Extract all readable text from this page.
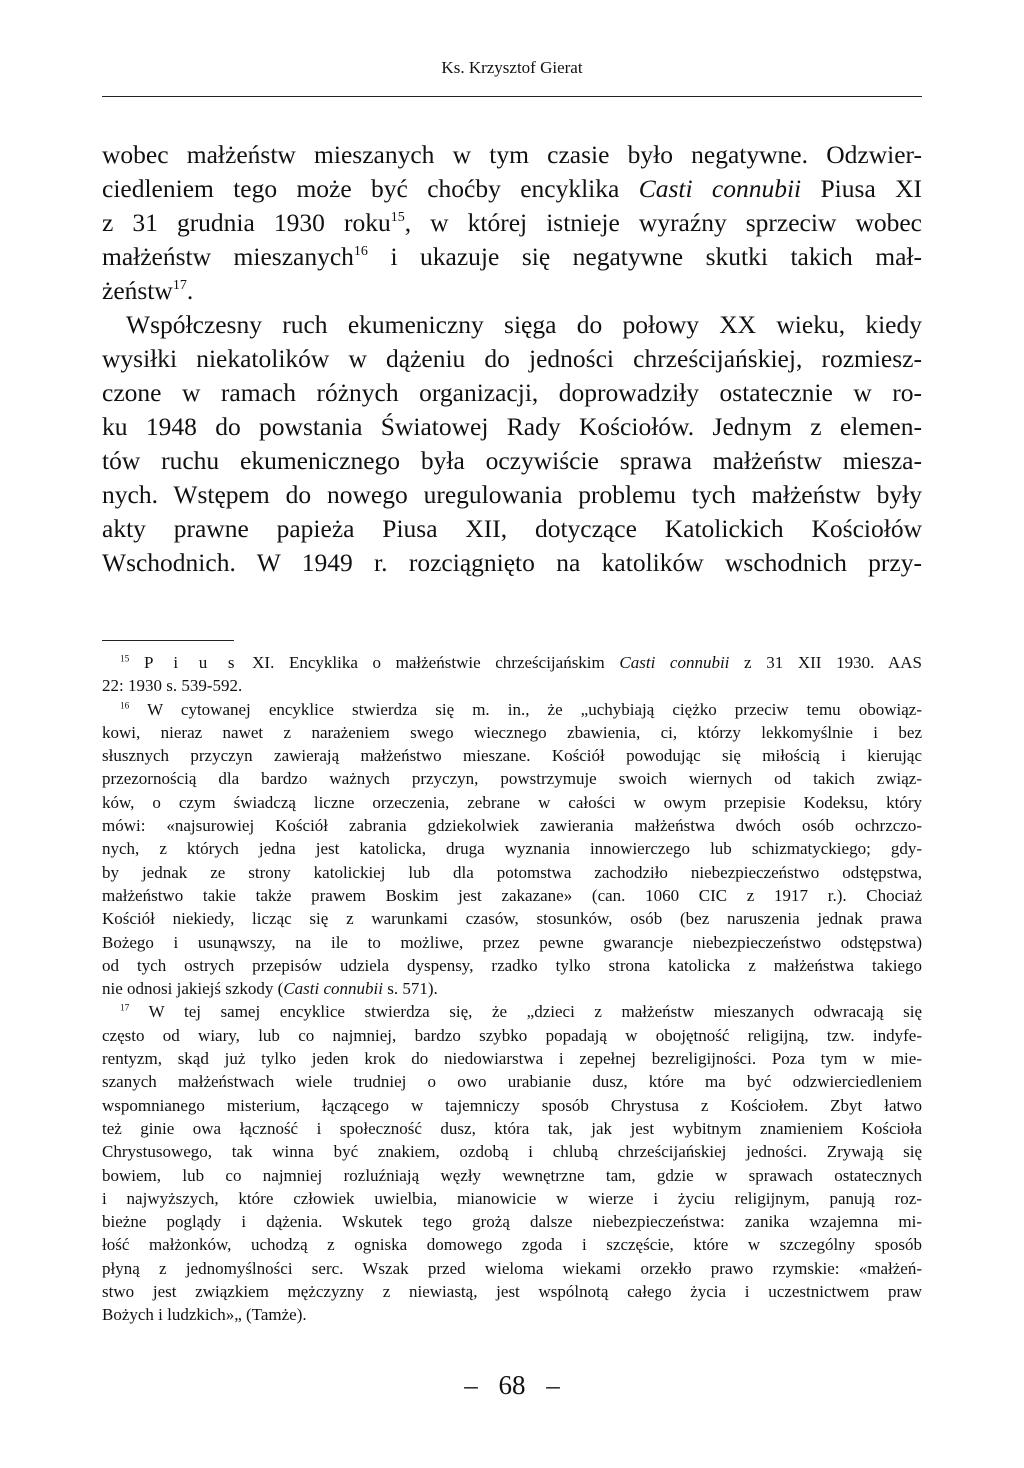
Ks. Krzysztof Gierat

wobec małżeństw mieszanych w tym czasie było negatywne. Odzwier-
ciedleniem tego może być choćby encyklika Casti connubii Piusa XI
z 31 grudnia 1930 roku$^{15}$, w której istnieje wyraźny sprzeciw wobec
małżeństw mieszanych$^{16}$ i ukazuje się negatywne skutki takich mał-
żeństw$^{17}$.

Współczesny ruch ekumeniczny sięga do połowy XX wieku, kiedy
wysiłki niekatolików w dążeniu do jedności chrześcijańskiej, rozmiesz-
czone w ramach różnych organizacji, doprowadziły ostatecznie w ro-
ku 1948 do powstania Światowej Rady Kościołów. Jednym z elemen-
tów ruchu ekumenicznego była oczywiście sprawa małżeństw miesza-
nych. Wstępem do nowego uregulowania problemu tych małżeństw były
akty prawne papieża Piusa XII, dotyczące Katolickich Kościołów
Wschodnich. W 1949 r. rozciągnięto na katolików wschodnich przy-

$^{15}$ P i u s XI. Encyklika o małżeństwie chrześcijańskim Casti connubii z 31 XII 1930. AAS
22: 1930 s. 539-592.
$^{16}$ W cytowanej encyklice stwierdza się m. in., że „uchybiają ciężko przeciw temu obowiąz-
kowi, nieraz nawet z narażeniem swego wiecznego zbawienia, ci, którzy lekkomyślnie i bez
słusznych przyczyn zawierają małżeństwo mieszane. Kościół powodując się miłością i kierując
przezornością dla bardzo ważnych przyczyn, powstrzymuje swoich wiernych od takich związ-
ków, o czym świadczą liczne orzeczenia, zebrane w całości w owym przepisie Kodeksu, który
mówi: «najsurowiej Kościół zabrania gdziekolwiek zawierania małżeństwa dwóch osób ochrzczo-
nych, z których jedna jest katolicka, druga wyznania innowierczego lub schizmatyckiego; gdy-
by jednak ze strony katolickiej lub dla potomstwa zachodziło niebezpieczeństwo odstępstwa,
małżeństwo takie także prawem Boskim jest zakazane» (can. 1060 CIC z 1917 r.). Chociaż
Kościół niekiedy, licząc się z warunkami czasów, stosunków, osób (bez naruszenia jednak prawa
Bożego i usunąwszy, na ile to możliwe, przez pewne gwarancje niebezpieczeństwo odstępstwa)
od tych ostrych przepisów udziela dyspensy, rzadko tylko strona katolicka z małżeństwa takiego
nie odnosi jakiejś szkody (Casti connubii s. 571).
$^{17}$ W tej samej encyklice stwierdza się, że „dzieci z małżeństw mieszanych odwracają się
często od wiary, lub co najmniej, bardzo szybko popadają w obojętność religijną, tzw. indyfe-
rentyzm, skąd już tylko jeden krok do niedowiarstwa i zepełnej bezreligijności. Poza tym w mie-
szanych małżeństwach wiele trudniej o owo urabianie dusz, które ma być odzwierciedleniem
wspomnianego misterium, łączącego w tajemniczy sposób Chrystusa z Kościołem. Zbyt łatwo
też ginie owa łączność i społeczność dusz, która tak, jak jest wybitnym znamieniem Kościoła
Chrystusowego, tak winna być znakiem, ozdobą i chlubą chrześcijańskiej jedności. Zrywają się
bowiem, lub co najmniej rozluźniają węzły wewnętrzne tam, gdzie w sprawach ostatecznych
i najwyższych, które człowiek uwielbia, mianowicie w wierze i życiu religijnym, panują roz-
bieżne poglądy i dążenia. Wskutek tego grożą dalsze niebezpieczeństwa: zanika wzajemna mi-
łość małżonków, uchodzą z ogniska domowego zgoda i szczęście, które w szczególny sposób
płyną z jednomyślności serc. Wszak przed wieloma wiekami orzekło prawo rzymskie: «małżeń-
stwo jest związkiem mężczyzny z niewiastą, jest wspólnotą całego życia i uczestnictwem praw
Bożych i ludzkich»„ (Tamże).
– 68 –
